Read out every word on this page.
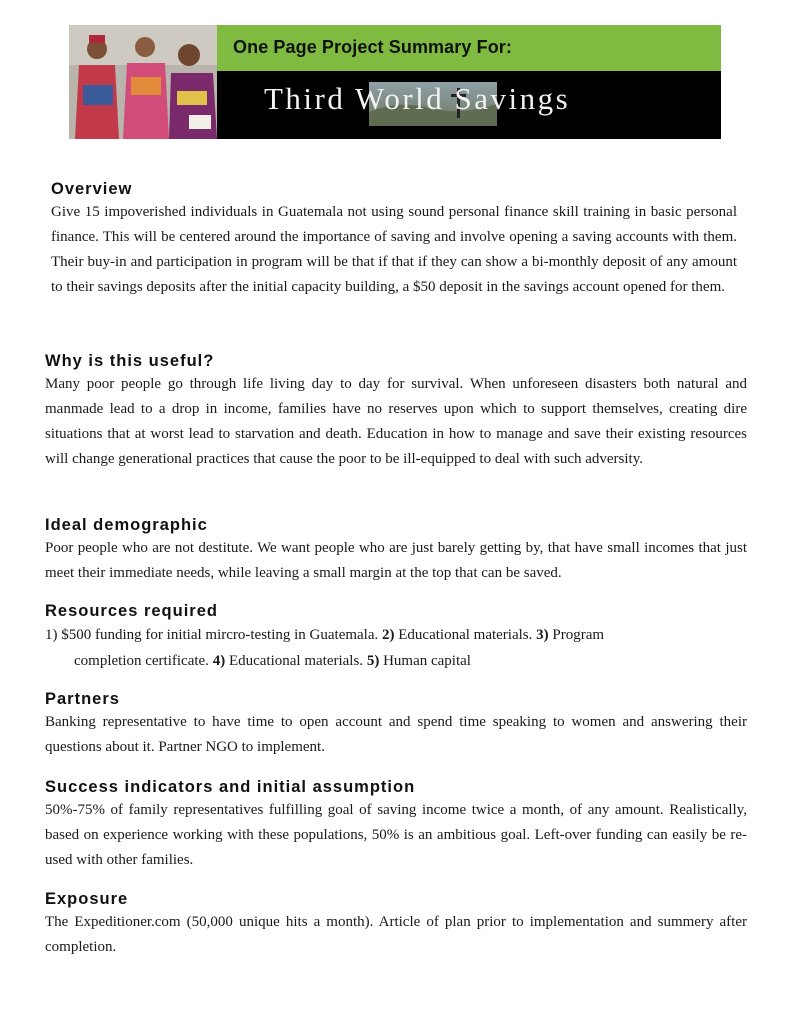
One Page Project Summary For:
Third World Savings
Overview

Give 15 impoverished individuals in Guatemala not using sound personal finance skill training in basic personal finance. This will be centered around the importance of saving and involve opening a saving accounts with them. Their buy-in and participation in program will be that if that if they can show a bi-monthly deposit of any amount to their savings deposits after the initial capacity building, a $50 deposit in the savings account opened for them.

Why is this useful?

Many poor people go through life living day to day for survival. When unforeseen disasters both natural and manmade lead to a drop in income, families have no reserves upon which to support themselves, creating dire situations that at worst lead to starvation and death. Education in how to manage and save their existing resources will change generational practices that cause the poor to be ill-equipped to deal with such adversity.

Ideal demographic

Poor people who are not destitute. We want people who are just barely getting by, that have small incomes that just meet their immediate needs, while leaving a small margin at the top that can be saved.

Resources required

1) $500 funding for initial mircro-testing in Guatemala. 2) Educational materials. 3) Program
completion certificate. 4) Educational materials. 5) Human capital

Partners

Banking representative to have time to open account and spend time speaking to women and answering their questions about it. Partner NGO to implement.

Success indicators and initial assumption

50%-75% of family representatives fulfilling goal of saving income twice a month, of any amount. Realistically, based on experience working with these populations, 50% is an ambitious goal. Left-over funding can easily be re-used with other families.

Exposure

The Expeditioner.com (50,000 unique hits a month). Article of plan prior to implementation and summery after completion.
